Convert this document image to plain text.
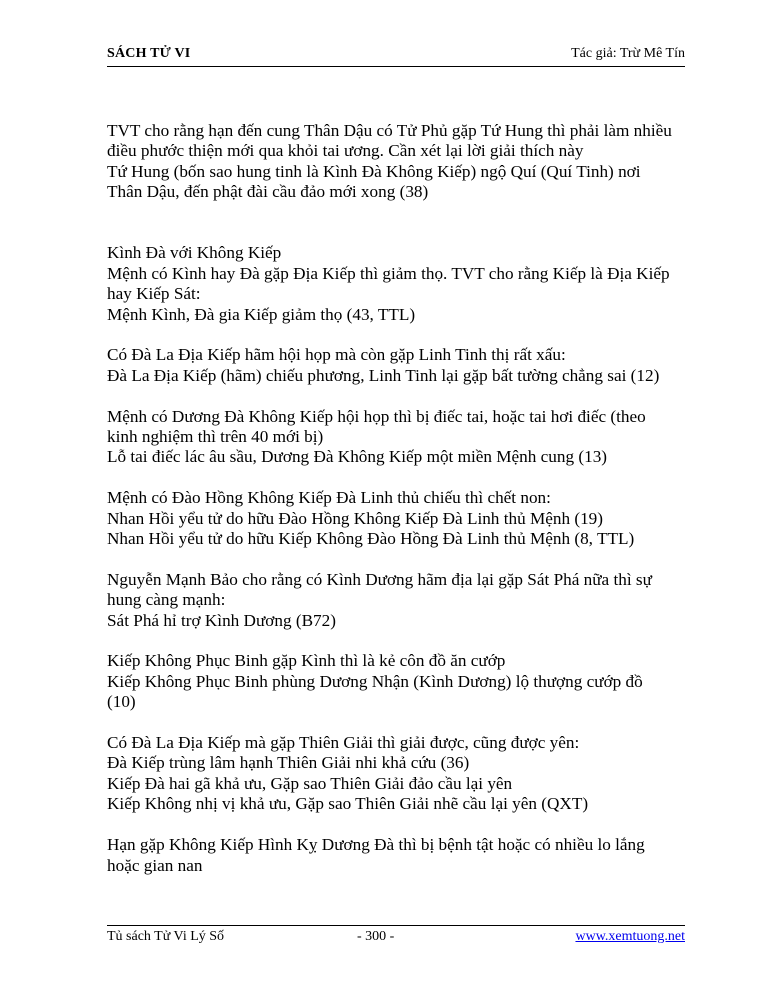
SÁCH TỬ VI	Tác giả: Trừ Mê Tín

TVT cho rằng hạn đến cung Thân Dậu có Tử Phủ gặp Tứ Hung thì phải làm nhiều
điều phước thiện mới qua khỏi tai ương. Cần xét lại lời giải thích này
Tứ Hung (bốn sao hung tinh là Kình Đà Không Kiếp) ngộ Quí (Quí Tinh) nơi
Thân Dậu, đến phật đài cầu đảo mới xong (38)

Kình Đà với Không Kiếp
Mệnh có Kình hay Đà gặp Địa Kiếp thì giảm thọ. TVT cho rằng Kiếp là Địa Kiếp
hay Kiếp Sát:
Mệnh Kình, Đà gia Kiếp giảm thọ (43, TTL)

Có Đà La Địa Kiếp hãm hội họp mà còn gặp Linh Tinh thị rất xấu:
Đà La Địa Kiếp (hãm) chiếu phương, Linh Tinh lại gặp bất tường chẳng sai (12)

Mệnh có Dương Đà Không Kiếp hội họp thì bị điếc tai, hoặc tai hơi điếc (theo
kinh nghiệm thì trên 40 mới bị)
Lỗ tai điếc lác âu sầu, Dương Đà Không Kiếp một miền Mệnh cung (13)

Mệnh có Đào Hồng Không Kiếp Đà Linh thủ chiếu thì chết non:
Nhan Hồi yểu tử do hữu Đào Hồng Không Kiếp Đà Linh thủ Mệnh (19)
Nhan Hồi yểu tử do hữu Kiếp Không Đào Hồng Đà Linh thủ Mệnh (8, TTL)

Nguyễn Mạnh Bảo cho rằng có Kình Dương hãm địa lại gặp Sát Phá nữa thì sự
hung càng mạnh:
Sát Phá hỉ trợ Kình Dương (B72)

Kiếp Không Phục Binh gặp Kình thì là kẻ côn đồ ăn cướp
Kiếp Không Phục Binh phùng Dương Nhận (Kình Dương) lộ thượng cướp đồ
(10)

Có Đà La Địa Kiếp mà gặp Thiên Giải thì giải được, cũng được yên:
Đà Kiếp trùng lâm hạnh Thiên Giải nhi khả cứu (36)
Kiếp Đà hai gã khả ưu, Gặp sao Thiên Giải đảo cầu lại yên
Kiếp Không nhị vị khả ưu, Gặp sao Thiên Giải nhẽ cầu lại yên (QXT)

Hạn gặp Không Kiếp Hình Kỵ Dương Đà thì bị bệnh tật hoặc có nhiều lo lắng
hoặc gian nan

Tủ sách Tử Vi Lý Số	- 300 -	www.xemtuong.net
